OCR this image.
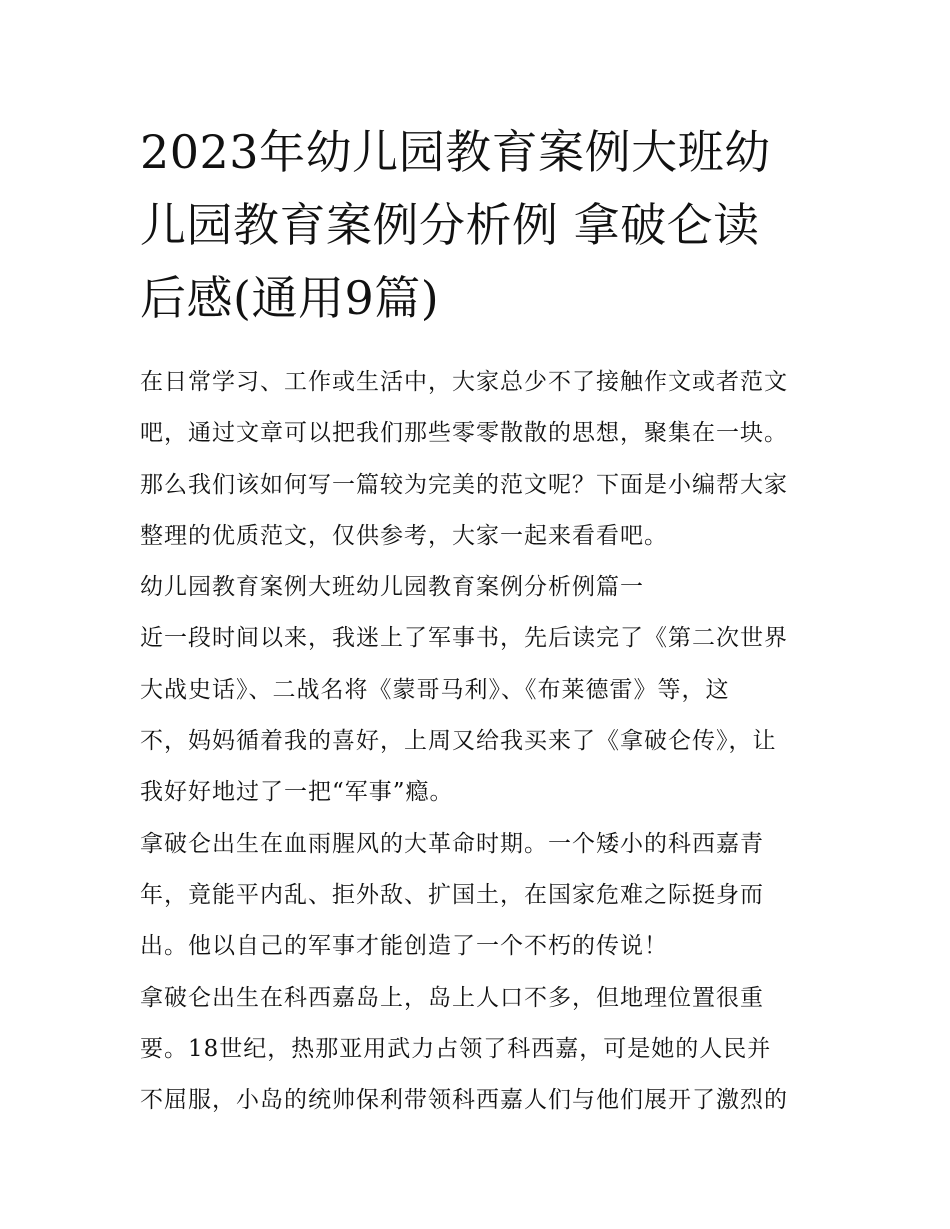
2023年幼儿园教育案例大班幼
儿园教育案例分析例 拿破仑读
后感(通用9篇)
在日常学习、工作或生活中，大家总少不了接触作文或者范文
吧，通过文章可以把我们那些零零散散的思想，聚集在一块。
那么我们该如何写一篇较为完美的范文呢？下面是小编帮大家
整理的优质范文，仅供参考，大家一起来看看吧。
幼儿园教育案例大班幼儿园教育案例分析例篇一
近一段时间以来，我迷上了军事书，先后读完了《第二次世界
大战史话》、二战名将《蒙哥马利》、《布莱德雷》等，这
不，妈妈循着我的喜好，上周又给我买来了《拿破仑传》，让
我好好地过了一把“军事”瘾。
拿破仑出生在血雨腥风的大革命时期。一个矮小的科西嘉青
年，竟能平内乱、拒外敌、扩国土，在国家危难之际挺身而
出。他以自己的军事才能创造了一个不朽的传说！
拿破仑出生在科西嘉岛上，岛上人口不多，但地理位置很重
要。18世纪，热那亚用武力占领了科西嘉，可是她的人民并
不屈服，小岛的统帅保利带领科西嘉人们与他们展开了激烈的
